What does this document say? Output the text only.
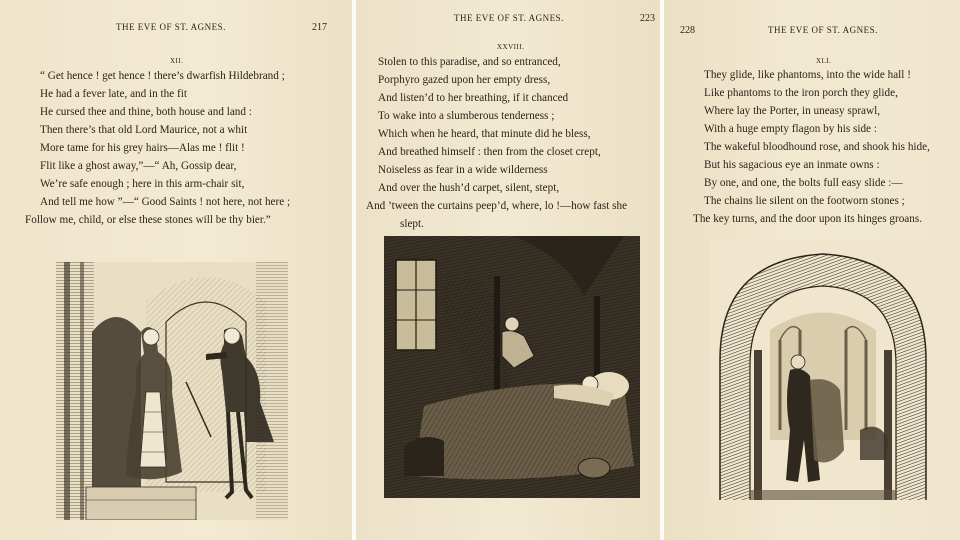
THE EVE OF ST. AGNES.	217
XII.
“ Get hence ! get hence ! there’s dwarfish Hildebrand ;
He had a fever late, and in the fit
He cursed thee and thine, both house and land :
Then there’s that old Lord Maurice, not a whit
More tame for his grey hairs—Alas me ! flit !
Flit like a ghost away,”—“ Ah, Gossip dear,
We’re safe enough ; here in this arm-chair sit,
And tell me how ”—“ Good Saints ! not here, not here ;
Follow me, child, or else these stones will be thy bier.”
THE EVE OF ST. AGNES.	223
XXVIII.
Stolen to this paradise, and so entranced,
Porphyro gazed upon her empty dress,
And listen’d to her breathing, if it chanced
To wake into a slumberous tenderness ;
Which when he heard, that minute did he bless,
And breathed himself : then from the closet crept,
Noiseless as fear in a wide wilderness
And over the hush’d carpet, silent, stept,
And ’tween the curtains peep’d, where, lo !—how fast she
slept.
228	THE EVE OF ST. AGNES.
XLI.
They glide, like phantoms, into the wide hall !
Like phantoms to the iron porch they glide,
Where lay the Porter, in uneasy sprawl,
With a huge empty flagon by his side :
The wakeful bloodhound rose, and shook his hide,
But his sagacious eye an inmate owns :
By one, and one, the bolts full easy slide :—
The chains lie silent on the footworn stones ;
The key turns, and the door upon its hinges groans.
